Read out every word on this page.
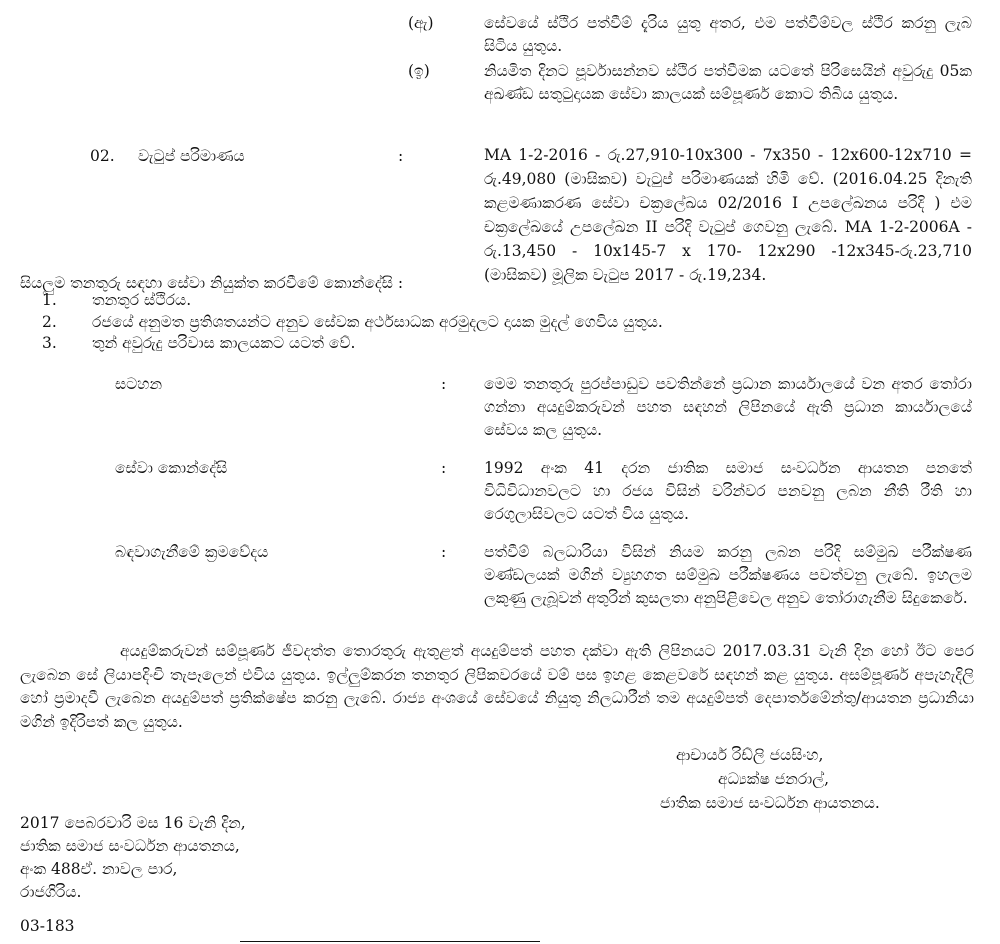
(ඇ)	සේවයේ ස්ථිර පත්වීම් දැරිය යුතු අතර, එම පත්වීම්වල ස්ථිර කරනු ලැබ සිටිය යුතුය.
(ඉ)	නියමිත දිනට පූර්වාසන්නව ස්ථිර පත්වීමක යටතේ පිරිසෙයින් අවුරුදු 05ක අඛණ්ඩ සතුටුදායක සේවා කාලයක් සම්පූර්ණ කොට තිබිය යුතුය.
02. වැටුප් පරිමාණය	:	MA 1-2-2016 - රු.27,910-10x300 - 7x350 - 12x600-12x710 = රු.49,080 (මාසිකව) වැටුප් පරිමාණයක් හිමි වේ. (2016.04.25 දිනැති කළමණාකරණ සේවා චක්‍රලේඛය 02/2016 I උපලේඛනය පරිදි ) එම චක්‍රලේඛයේ උපලේඛන II පරිදි වැටුප් ගෙවනු ලැබේ. MA 1-2-2006A - රු.13,450 - 10x145-7 x 170- 12x290 -12x345-රු.23,710 (මාසිකව) මූලික වැටුප 2017 - රු.19,234.
සියලුම තනතුරු සඳහා සේවා නියුක්ත කරවීමේ කොන්දේසි :
1. තනතුර ස්ථිරය.
2. රජයේ අනුමත ප්‍රතිශතයන්ට අනුව සේවක අර්ථසාධක අරමුදලට දායක මුදල් ගෙවිය යුතුය.
3. තුන් අවුරුදු පරිවාස කාලයකට යටත් වේ.
සටහන	: මෙම තනතුරු පුරප්පාඩුව පවතින්නේ ප්‍රධාන කාර්යාලයේ වන අතර තෝරා ගන්නා අයදුම්කරුවන් පහත සඳහන් ලිපිනයේ ඇති ප්‍රධාන කාර්යාලයේ සේවය කල යුතුය.
සේවා කොන්දේසි	: 1992 අංක 41 දරන ජාතික සමාජ සංවර්ධන ආයතන පනතේ විධිවිධානවලට හා රජය විසින් වරින්වර පනවනු ලබන නීති රීති හා රෙගුලාසිවලට යටත් විය යුතුය.
බඳවාගැනීමේ ක්‍රමවේදය	: පත්වීම් බලධාරියා විසින් නියම කරනු ලබන පරිදි සම්මුඛ පරීක්ෂණ මණ්ඩලයක් මගින් ව්‍යුහගත සම්මුඛ පරීක්ෂණය පවත්වනු ලැබේ. ඉහලම ලකුණු ලැබූවන් අතුරින් කුසලතා අනුපිළිවෙල අනුව තෝරාගැනීම සිදුකෙරේ.
අයදුම්කරුවන් සම්පූර්ණ ජීවදත්ත තොරතුරු ඇතුළත් අයදුම්පත් පහත දක්වා ඇති ලිපිනයට 2017.03.31 වැනි දින හෝ ඊට පෙර ලැබෙන සේ ලියාපදිංචි තැපෑලෙන් එවිය යුතුය. ඉල්ලුම්කරන තනතුර ලිපිකවරයේ වම් පස ඉහළ කෙළවරේ සඳහන් කළ යුතුය. අසම්පූර්ණ අපැහැදිලි හෝ ප්‍රමාදවී ලැබෙන අයදුම්පත් ප්‍රතික්ෂේප කරනු ලැබේ. රාජ්‍ය අංශයේ සේවයේ නියුතු නිලධාරීන් තම අයදුම්පත් දෙපාර්තමේන්තු/ආයතන ප්‍රධානියා මගින් ඉදිරිපත් කල යුතුය.
ආචාර්ය රිඩ්ලි ජයසිංහ,
අධ්‍යක්ෂ ජනරාල්,
ජාතික සමාජ සංවර්ධන ආයතනය.
2017 පෙබරවාරි මස 16 වැනි දින,
ජාතික සමාජ සංවර්ධන ආයතනය,
අංක 488ඒ. නාවල පාර,
රාජගිරිය.
03-183
